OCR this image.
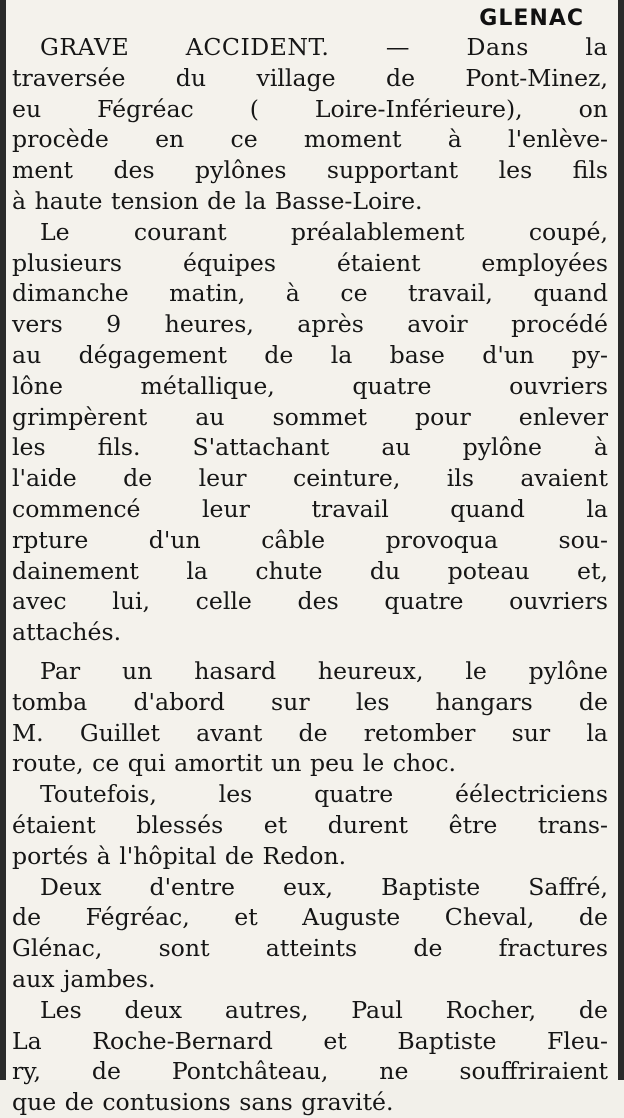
GLENAC
GRAVE ACCIDENT. — Dans la
traversée du village de Pont-Minez,
eu Fégréac ( Loire-Inférieure), on
procède en ce moment à l'enlève-
ment des pylônes supportant les fils
à haute tension de la Basse-Loire.
Le courant préalablement coupé,
plusieurs équipes étaient employées
dimanche matin, à ce travail, quand
vers 9 heures, après avoir procédé
au dégagement de la base d'un py-
lône métallique, quatre ouvriers
grimpèrent au sommet pour enlever
les fils. S'attachant au pylône à
l'aide de leur ceinture, ils avaient
commencé leur travail quand la
rpture d'un câble provoqua sou-
dainement la chute du poteau et,
avec lui, celle des quatre ouvriers
attachés.
Par un hasard heureux, le pylône
tomba d'abord sur les hangars de
M. Guillet avant de retomber sur la
route, ce qui amortit un peu le choc.
Toutefois, les quatre éélectriciens
étaient blessés et durent être trans-
portés à l'hôpital de Redon.
Deux d'entre eux, Baptiste Saffré,
de Fégréac, et Auguste Cheval, de
Glénac, sont atteints de fractures
aux jambes.
Les deux autres, Paul Rocher, de
La Roche-Bernard et Baptiste Fleu-
ry, de Pontchâteau, ne souffriraient
que de contusions sans gravité.
